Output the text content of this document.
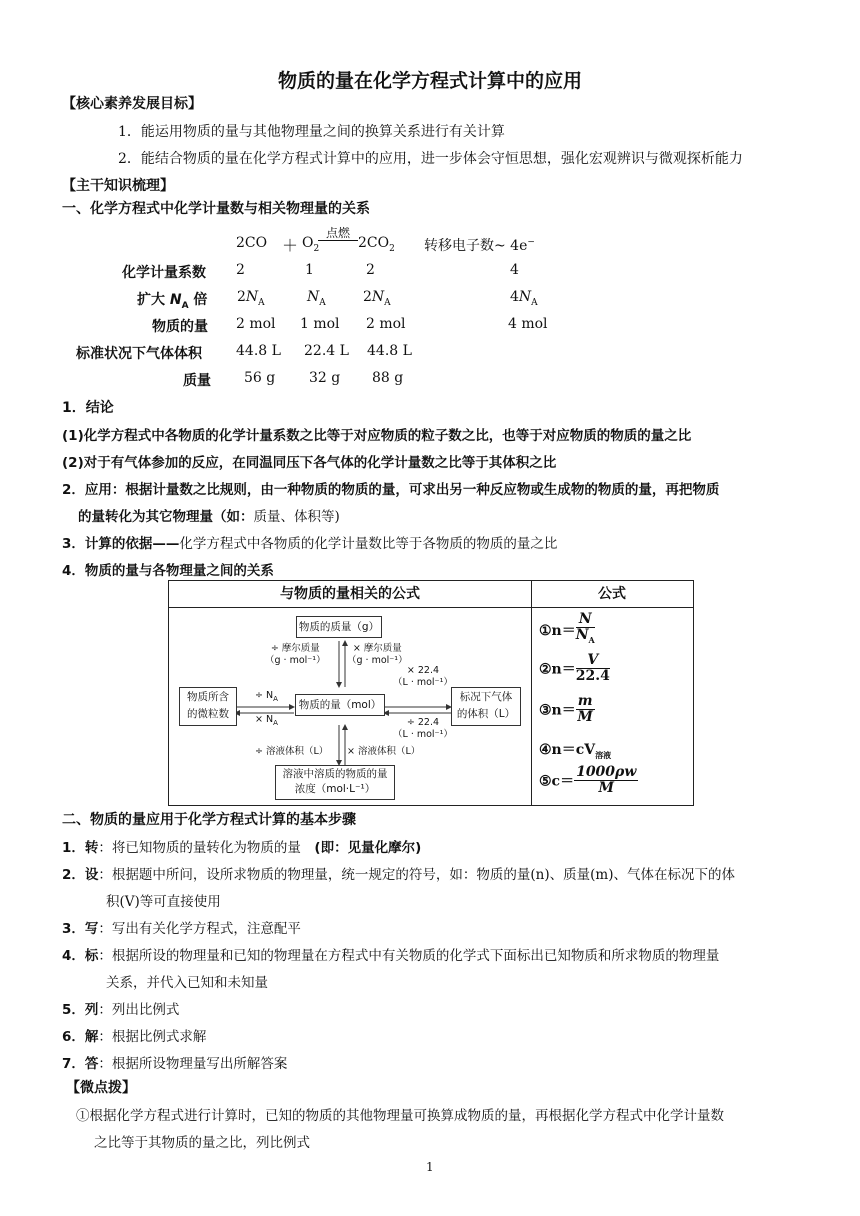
物质的量在化学方程式计算中的应用
【核心素养发展目标】
1．能运用物质的量与其他物理量之间的换算关系进行有关计算
2．能结合物质的量在化学方程式计算中的应用，进一步体会守恒思想，强化宏观辨识与微观探析能力
【主干知识梳理】
一、化学方程式中化学计量数与相关物理量的关系
$2CO + O_2$
点燃
$2CO_2$ 转移电子数~ 4e−
化学计量系数 2	1	2	4
扩大 $N_A$ 倍 $2N_A$	$N_A$	$2N_A$	$4N_A$
物质的量 2 mol 1 mol 2 mol	4 mol
标准状况下气体体积 44.8 L 22.4 L 44.8 L
质量 56 g 32 g 88 g
1．结论
(1)化学方程式中各物质的化学计量系数之比等于对应物质的粒子数之比，也等于对应物质的物质的量之比
(2)对于有气体参加的反应，在同温同压下各气体的化学计量数之比等于其体积之比
2．应用：根据计量数之比规则，由一种物质的物质的量，可求出另一种反应物或生成物的物质的量，再把物质
的量转化为其它物理量（如：质量、体积等)
3．计算的依据——化学方程式中各物质的化学计量数比等于各物质的物质的量之比
4．物质的量与各物理量之间的关系
与物质的量相关的公式	公式
物质的质量（g）
物质所含
的微粒数
物质的量（mol）
标况下气体
的体积（L）
溶液中溶质的物质的量
浓度（mol·L⁻¹）
÷ 摩尔质量
（g · mol⁻¹）
× 摩尔质量
（g · mol⁻¹）
÷ $N_A$
× $N_A$
× 22.4
（L · mol⁻¹）
÷ 22.4
（L · mol⁻¹）
÷ 溶液体积（L） × 溶液体积（L）
①n＝ $\frac{N}{N_A}$
②n＝ $\frac{V}{22.4}$
③n＝ $\frac{m}{M}$
$④n=cV_{溶液}$
⑤c＝ $\frac{1000\rho w}{M}$
二、物质的量应用于化学方程式计算的基本步骤
1．转：将已知物质的量转化为物质的量　(即：见量化摩尔)
2．设：根据题中所问，设所求物质的物理量，统一规定的符号，如：物质的量(n)、质量(m)、气体在标况下的体
积(V)等可直接使用
3．写：写出有关化学方程式，注意配平
4．标：根据所设的物理量和已知的物理量在方程式中有关物质的化学式下面标出已知物质和所求物质的物理量
关系，并代入已知和未知量
5．列：列出比例式
6．解：根据比例式求解
7．答：根据所设物理量写出所解答案
【微点拨】
①根据化学方程式进行计算时，已知的物质的其他物理量可换算成物质的量，再根据化学方程式中化学计量数
之比等于其物质的量之比，列比例式
1
